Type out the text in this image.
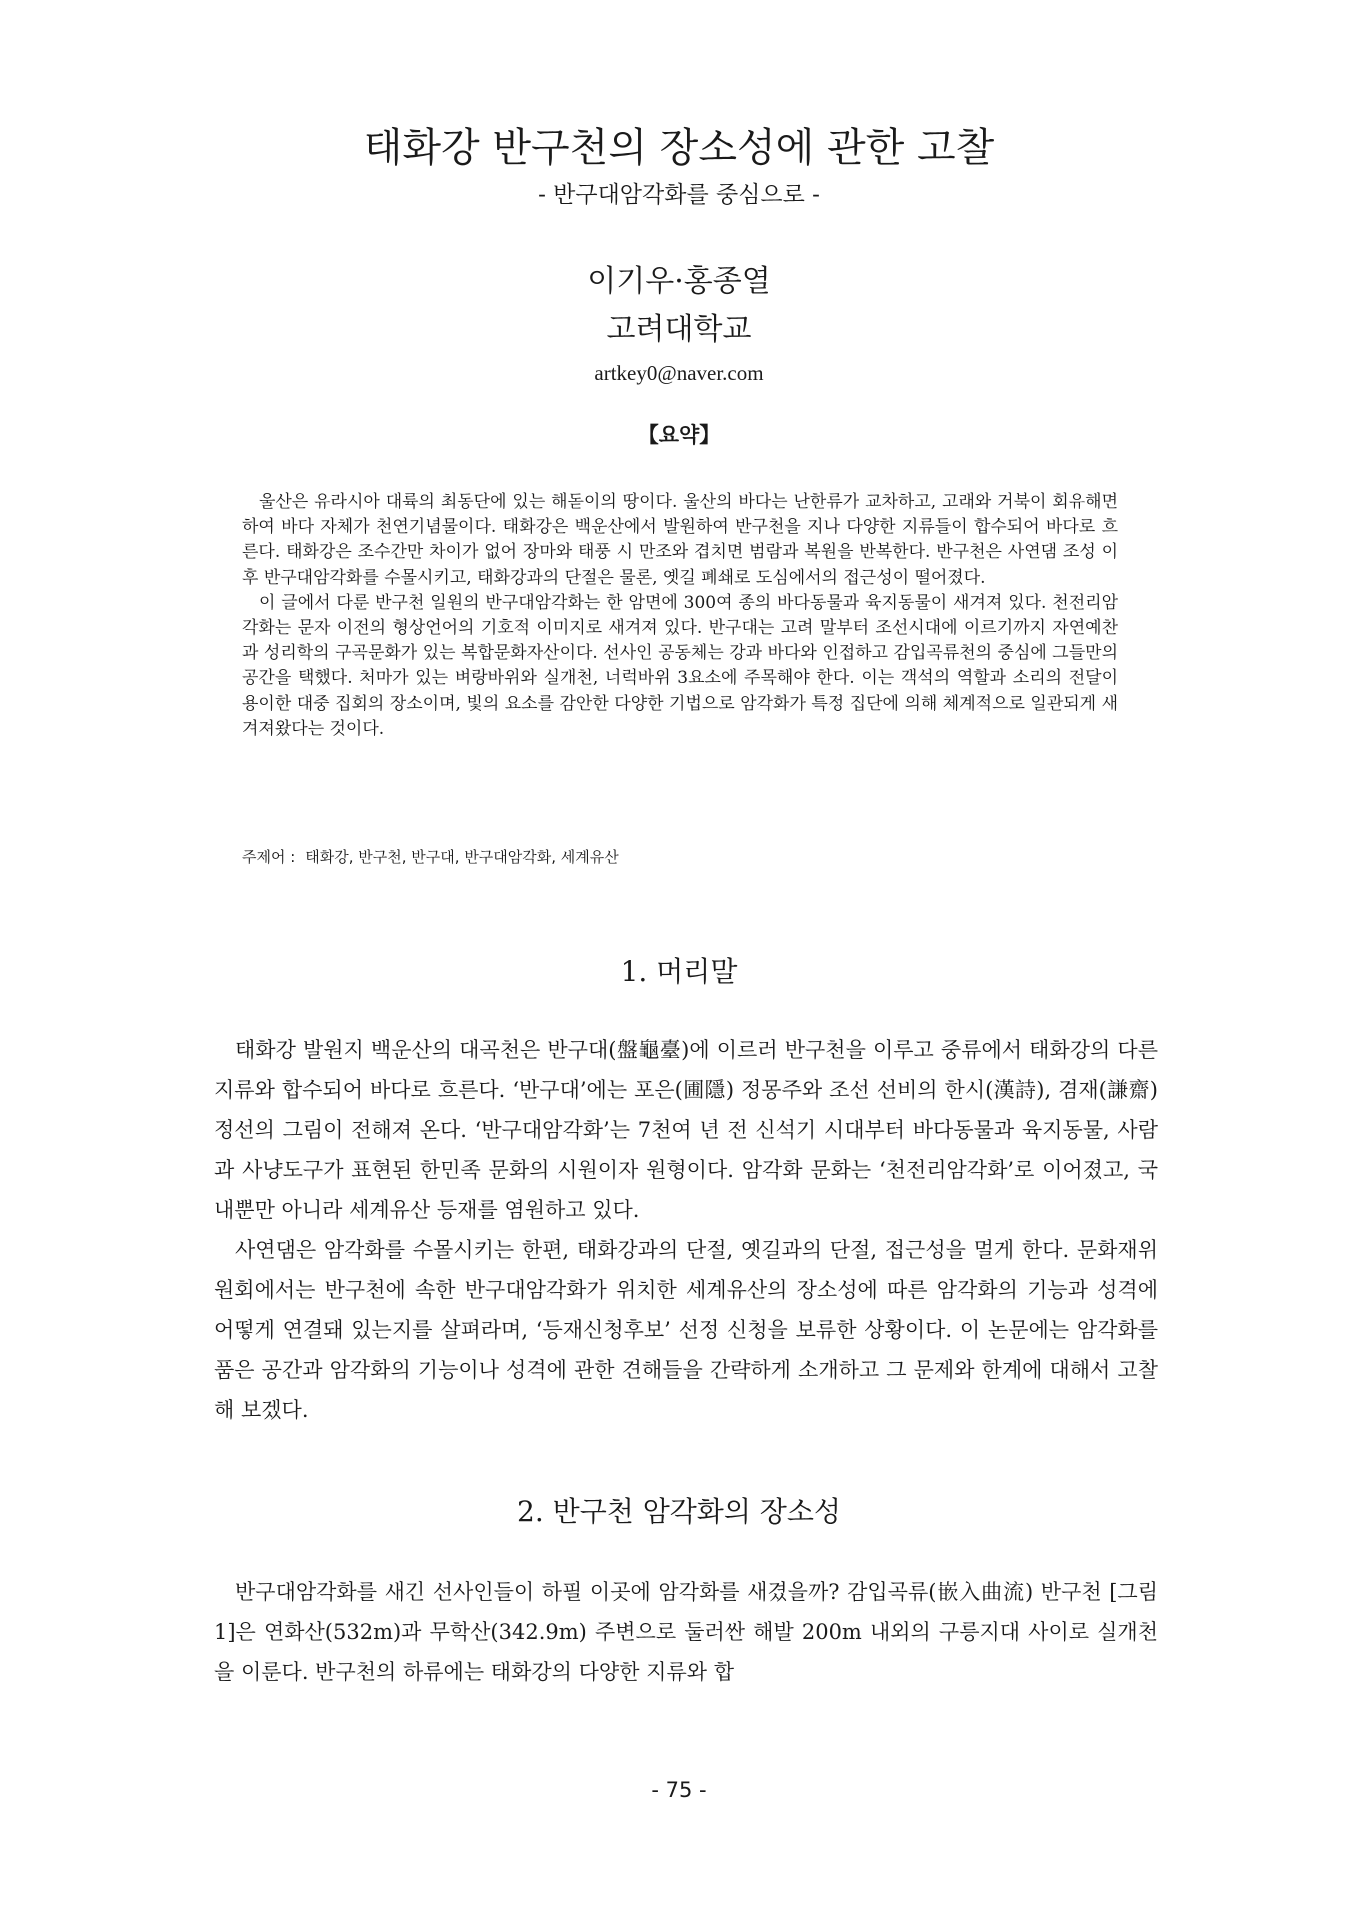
태화강 반구천의 장소성에 관한 고찰
- 반구대암각화를 중심으로 -
이기우·홍종열
고려대학교
artkey0@naver.com
【요약】

울산은 유라시아 대륙의 최동단에 있는 해돋이의 땅이다. 울산의 바다는 난한류가 교차하고, 고래와 거북이 회유해면하여 바다 자체가 천연기념물이다. 태화강은 백운산에서 발원하여 반구천을 지나 다양한 지류들이 합수되어 바다로 흐른다. 태화강은 조수간만 차이가 없어 장마와 태풍 시 만조와 겹치면 범람과 복원을 반복한다. 반구천은 사연댐 조성 이후 반구대암각화를 수몰시키고, 태화강과의 단절은 물론, 옛길 폐쇄로 도심에서의 접근성이 떨어졌다.

이 글에서 다룬 반구천 일원의 반구대암각화는 한 암면에 300여 종의 바다동물과 육지동물이 새겨져 있다. 천전리암각화는 문자 이전의 형상언어의 기호적 이미지로 새겨져 있다. 반구대는 고려 말부터 조선시대에 이르기까지 자연예찬과 성리학의 구곡문화가 있는 복합문화자산이다. 선사인 공동체는 강과 바다와 인접하고 감입곡류천의 중심에 그들만의 공간을 택했다. 처마가 있는 벼랑바위와 실개천, 너럭바위 3요소에 주목해야 한다. 이는 객석의 역할과 소리의 전달이 용이한 대중 집회의 장소이며, 빛의 요소를 감안한 다양한 기법으로 암각화가 특정 집단에 의해 체계적으로 일관되게 새겨져왔다는 것이다.

주제어 : 태화강, 반구천, 반구대, 반구대암각화, 세계유산
1. 머리말

태화강 발원지 백운산의 대곡천은 반구대(盤龜臺)에 이르러 반구천을 이루고 중류에서 태화강의 다른 지류와 합수되어 바다로 흐른다. ‘반구대’에는 포은(圃隱) 정몽주와 조선 선비의 한시(漢詩), 겸재(謙齋) 정선의 그림이 전해져 온다. ‘반구대암각화’는 7천여 년 전 신석기 시대부터 바다동물과 육지동물, 사람과 사냥도구가 표현된 한민족 문화의 시원이자 원형이다. 암각화 문화는 ‘천전리암각화’로 이어졌고, 국내뿐만 아니라 세계유산 등재를 염원하고 있다.

사연댐은 암각화를 수몰시키는 한편, 태화강과의 단절, 옛길과의 단절, 접근성을 멀게 한다. 문화재위원회에서는 반구천에 속한 반구대암각화가 위치한 세계유산의 장소성에 따른 암각화의 기능과 성격에 어떻게 연결돼 있는지를 살펴라며, ‘등재신청후보’ 선정 신청을 보류한 상황이다. 이 논문에는 암각화를 품은 공간과 암각화의 기능이나 성격에 관한 견해들을 간략하게 소개하고 그 문제와 한계에 대해서 고찰해 보겠다.

2. 반구천 암각화의 장소성

반구대암각화를 새긴 선사인들이 하필 이곳에 암각화를 새겼을까? 감입곡류(嵌入曲流) 반구천 [그림 1]은 연화산(532m)과 무학산(342.9m) 주변으로 둘러싼 해발 200m 내외의 구릉지대 사이로 실개천을 이룬다. 반구천의 하류에는 태화강의 다양한 지류와 합

- 75 -
